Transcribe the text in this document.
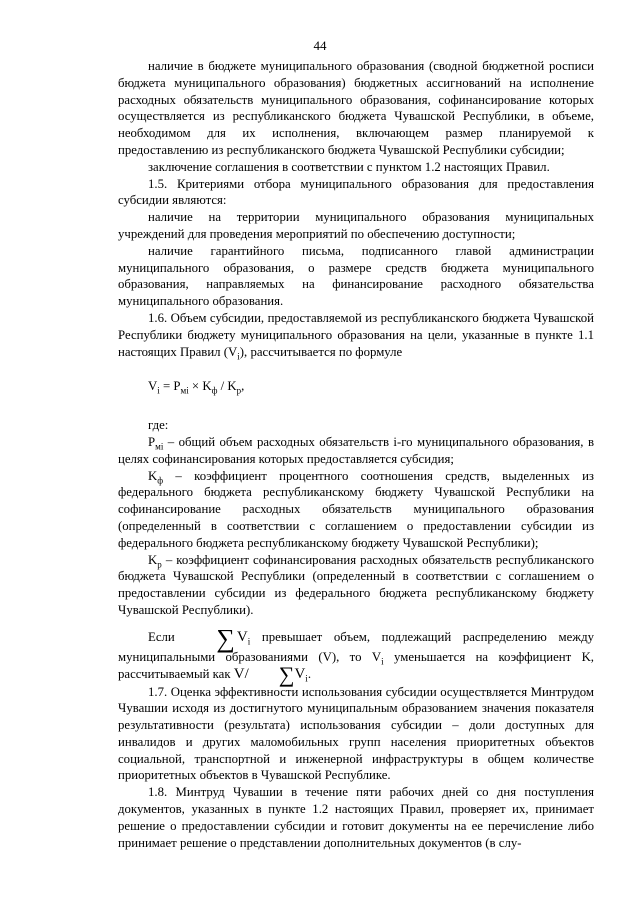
44

наличие в бюджете муниципального образования (сводной бюджетной росписи бюджета муниципального образования) бюджетных ассигнований на исполнение расходных обязательств муниципального образования, софинансирование которых осуществляется из республиканского бюджета Чувашской Республики, в объеме, необходимом для их исполнения, включающем размер планируемой к предоставлению из республиканского бюджета Чувашской Республики субсидии;

заключение соглашения в соответствии с пунктом 1.2 настоящих Правил.

1.5. Критериями отбора муниципального образования для предоставления субсидии являются:

наличие на территории муниципального образования муниципальных учреждений для проведения мероприятий по обеспечению доступности;

наличие гарантийного письма, подписанного главой администрации муниципального образования, о размере средств бюджета муниципального образования, направляемых на финансирование расходного обязательства муниципального образования.

1.6. Объем субсидии, предоставляемой из республиканского бюджета Чувашской Республики бюджету муниципального образования на цели, указанные в пункте 1.1 настоящих Правил $(V_i)$, рассчитывается по формуле

$V_i = P_{мi} \times K_ф / K_p$,

где:

$P_{мi}$ – общий объем расходных обязательств i-го муниципального образования, в целях софинансирования которых предоставляется субсидия;

$K_ф$ – коэффициент процентного соотношения средств, выделенных из федерального бюджета республиканскому бюджету Чувашской Республики на софинансирование расходных обязательств муниципального образования (определенный в соответствии с соглашением о предоставлении субсидии из федерального бюджета республиканскому бюджету Чувашской Республики);

$K_р$ – коэффициент софинансирования расходных обязательств республиканского бюджета Чувашской Республики (определенный в соответствии с соглашением о предоставлении субсидии из федерального бюджета республиканскому бюджету Чувашской Республики).

Если ∑ $V_i$ превышает объем, подлежащий распределению между муниципальными образованиями (V), то $V_i$ уменьшается на коэффициент K, рассчитываемый как V/ $\sum V_i$.

1.7. Оценка эффективности использования субсидии осуществляется Минтрудом Чувашии исходя из достигнутого муниципальным образованием значения показателя результативности (результата) использования субсидии – доли доступных для инвалидов и других маломобильных групп населения приоритетных объектов социальной, транспортной и инженерной инфраструктуры в общем количестве приоритетных объектов в Чувашской Республике.

1.8. Минтруд Чувашии в течение пяти рабочих дней со дня поступления документов, указанных в пункте 1.2 настоящих Правил, проверяет их, принимает решение о предоставлении субсидии и готовит документы на ее перечисление либо принимает решение о представлении дополнительных документов (в слу-
